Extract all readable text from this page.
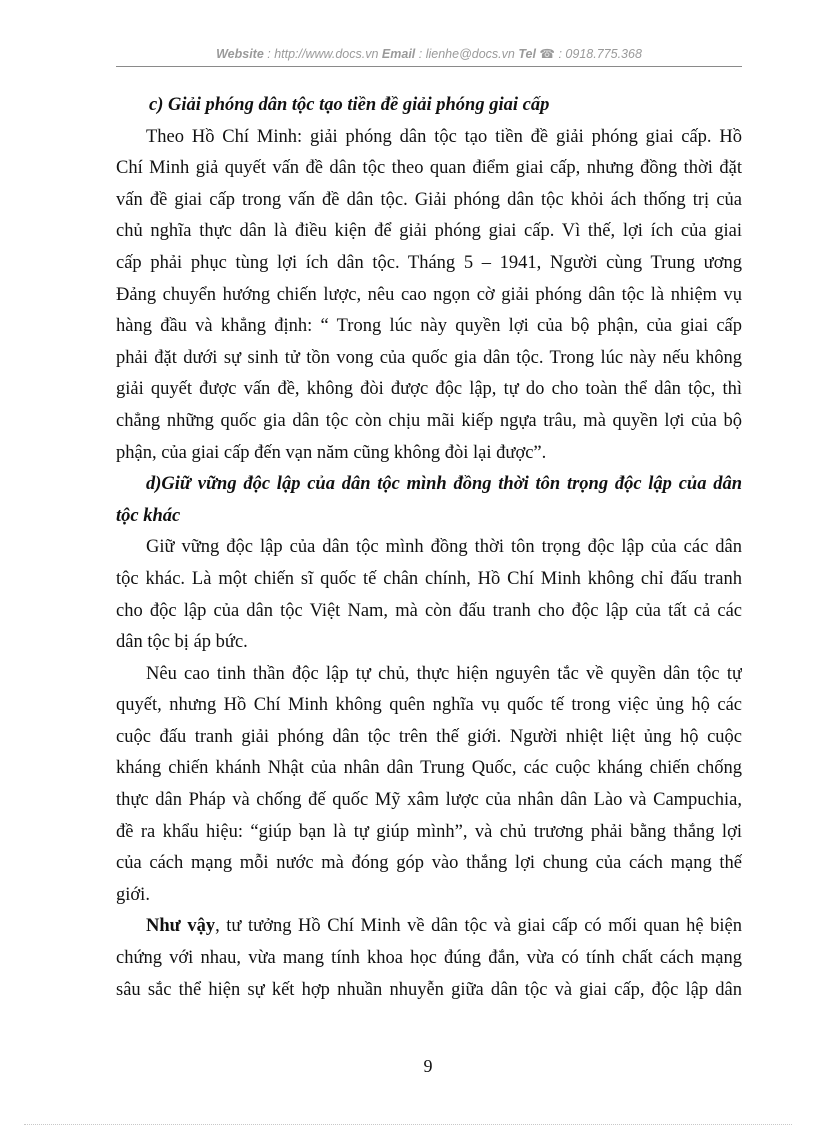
Website : http://www.docs.vn Email : lienhe@docs.vn Tel ☎ : 0918.775.368
c) Giải phóng dân tộc tạo tiền đề giải phóng giai cấp
Theo Hồ Chí Minh: giải phóng dân tộc tạo tiền đề giải phóng giai cấp. Hồ
Chí Minh giả quyết vấn đề dân tộc theo quan điểm giai cấp, nhưng đồng thời đặt
vấn đề giai cấp trong vấn đề dân tộc. Giải phóng dân tộc khỏi ách thống trị của
chủ nghĩa thực dân là điều kiện để giải phóng giai cấp. Vì thế, lợi ích của giai
cấp phải phục tùng lợi ích dân tộc. Tháng 5 – 1941, Người cùng Trung ương
Đảng chuyển hướng chiến lược, nêu cao ngọn cờ giải phóng dân tộc là nhiệm vụ
hàng đầu và khẳng định: “ Trong lúc này quyền lợi của bộ phận, của giai cấp
phải đặt dưới sự sinh tử tồn vong của quốc gia dân tộc. Trong lúc này nếu không
giải quyết được vấn đề, không đòi được độc lập, tự do cho toàn thể dân tộc, thì
chẳng những quốc gia dân tộc còn chịu mãi kiếp ngựa trâu, mà quyền lợi của bộ
phận, của giai cấp đến vạn năm cũng không đòi lại được”.
d)Giữ vững độc lập của dân tộc mình đồng thời tôn trọng độc lập của dân
tộc khác
Giữ vững độc lập của dân tộc mình đồng thời tôn trọng độc lập của các dân
tộc khác. Là một chiến sĩ quốc tế chân chính, Hồ Chí Minh không chỉ đấu tranh
cho độc lập của dân tộc Việt Nam, mà còn đấu tranh cho độc lập của tất cả các
dân tộc bị áp bức.
Nêu cao tinh thần độc lập tự chủ, thực hiện nguyên tắc về quyền dân tộc tự
quyết, nhưng Hồ Chí Minh không quên nghĩa vụ quốc tế trong việc ủng hộ các
cuộc đấu tranh giải phóng dân tộc trên thế giới. Người nhiệt liệt ủng hộ cuộc
kháng chiến khánh Nhật của nhân dân Trung Quốc, các cuộc kháng chiến chống
thực dân Pháp và chống đế quốc Mỹ xâm lược của nhân dân Lào và Campuchia,
đề ra khẩu hiệu: “giúp bạn là tự giúp mình”, và chủ trương phải bằng thắng lợi
của cách mạng mỗi nước mà đóng góp vào thắng lợi chung của cách mạng thế
giới.
Như vậy, tư tưởng Hồ Chí Minh về dân tộc và giai cấp có mối quan hệ biện
chứng với nhau, vừa mang tính khoa học đúng đắn, vừa có tính chất cách mạng
sâu sắc thể hiện sự kết hợp nhuần nhuyễn giữa dân tộc và giai cấp, độc lập dân
9
